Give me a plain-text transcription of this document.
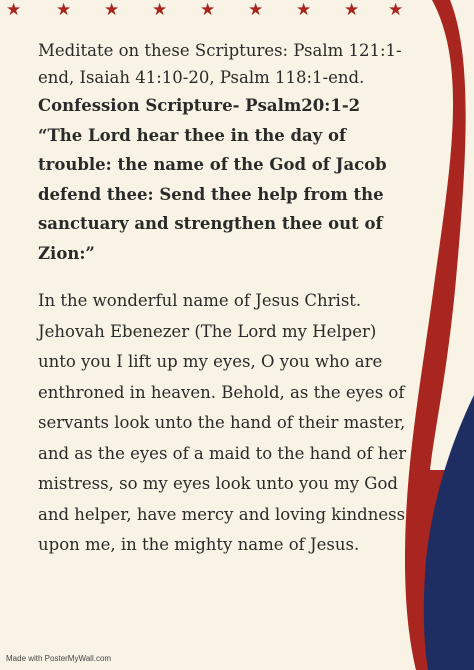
★ ★ ★ ★ ★ ★ ★ ★ ★

Meditate on these Scriptures: Psalm 121:1-end, Isaiah 41:10-20, Psalm 118:1-end.

Confession Scripture- Psalm20:1-2

“The Lord hear thee in the day of trouble: the name of the God of Jacob defend thee: Send thee help from the sanctuary and strengthen thee out of Zion:”

In the wonderful name of Jesus Christ. Jehovah Ebenezer (The Lord my Helper) unto you I lift up my eyes, O you who are enthroned in heaven. Behold, as the eyes of servants look unto the hand of their master, and as the eyes of a maid to the hand of her mistress, so my eyes look unto you my God and helper, have mercy and loving kindness upon me, in the mighty name of Jesus.

Made with PosterMyWall.com
